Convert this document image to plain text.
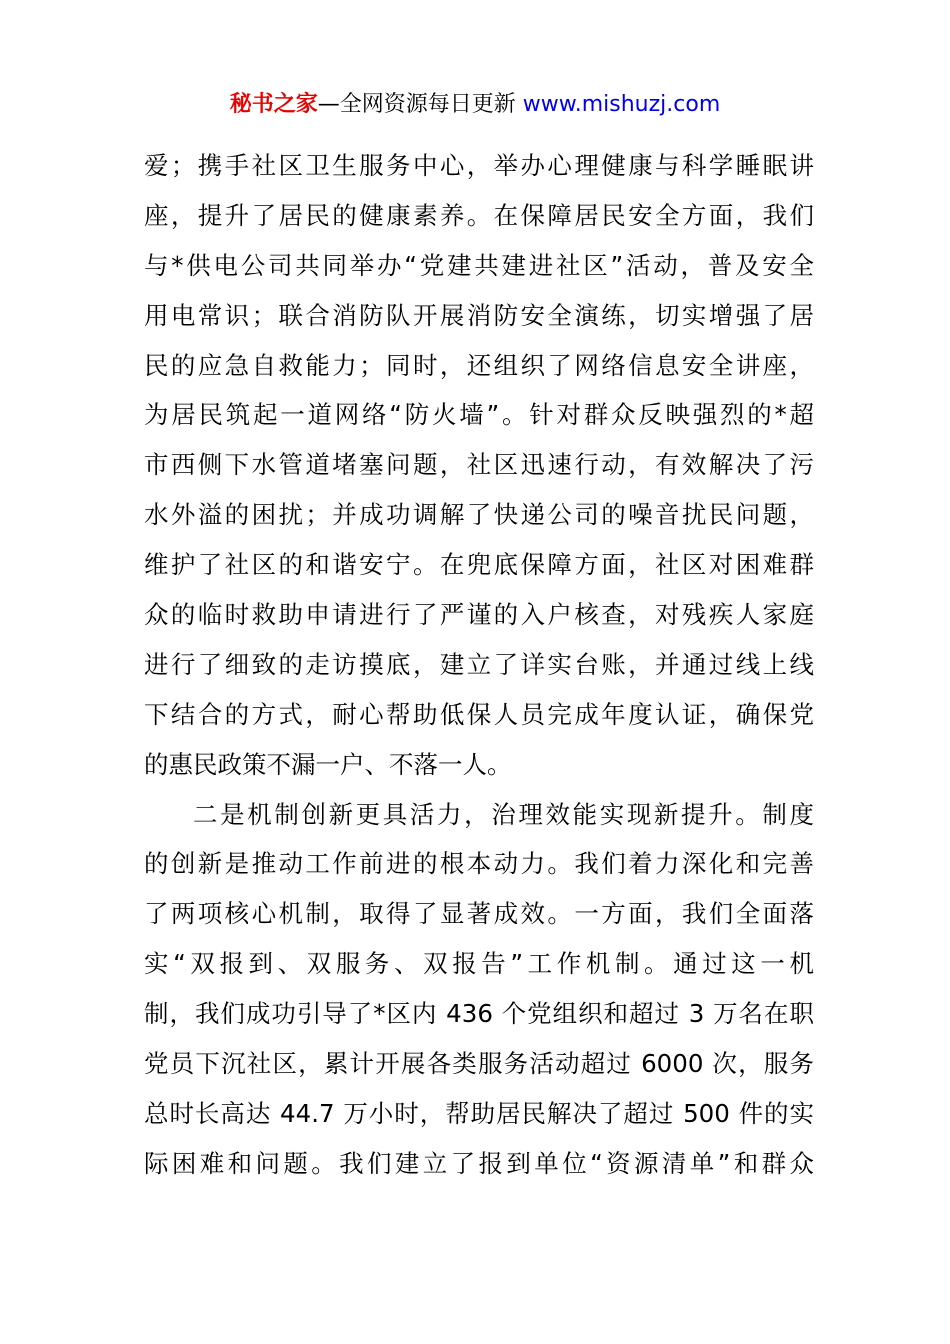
秘书之家—全网资源每日更新 www.mishuzj.com
爱；携手社区卫生服务中心，举办心理健康与科学睡眠讲
座，提升了居民的健康素养。在保障居民安全方面，我们
与*供电公司共同举办“党建共建进社区”活动，普及安全
用电常识；联合消防队开展消防安全演练，切实增强了居
民的应急自救能力；同时，还组织了网络信息安全讲座，
为居民筑起一道网络“防火墙”。针对群众反映强烈的*超
市西侧下水管道堵塞问题，社区迅速行动，有效解决了污
水外溢的困扰；并成功调解了快递公司的噪音扰民问题，
维护了社区的和谐安宁。在兜底保障方面，社区对困难群
众的临时救助申请进行了严谨的入户核查，对残疾人家庭
进行了细致的走访摸底，建立了详实台账，并通过线上线
下结合的方式，耐心帮助低保人员完成年度认证，确保党
的惠民政策不漏一户、不落一人。
二是机制创新更具活力，治理效能实现新提升。制度
的创新是推动工作前进的根本动力。我们着力深化和完善
了两项核心机制，取得了显著成效。一方面，我们全面落
实“双报到、双服务、双报告”工作机制。通过这一机
制，我们成功引导了*区内 436 个党组织和超过 3 万名在职
党员下沉社区，累计开展各类服务活动超过 6000 次，服务
总时长高达 44.7 万小时，帮助居民解决了超过 500 件的实
际困难和问题。我们建立了报到单位“资源清单”和群众
